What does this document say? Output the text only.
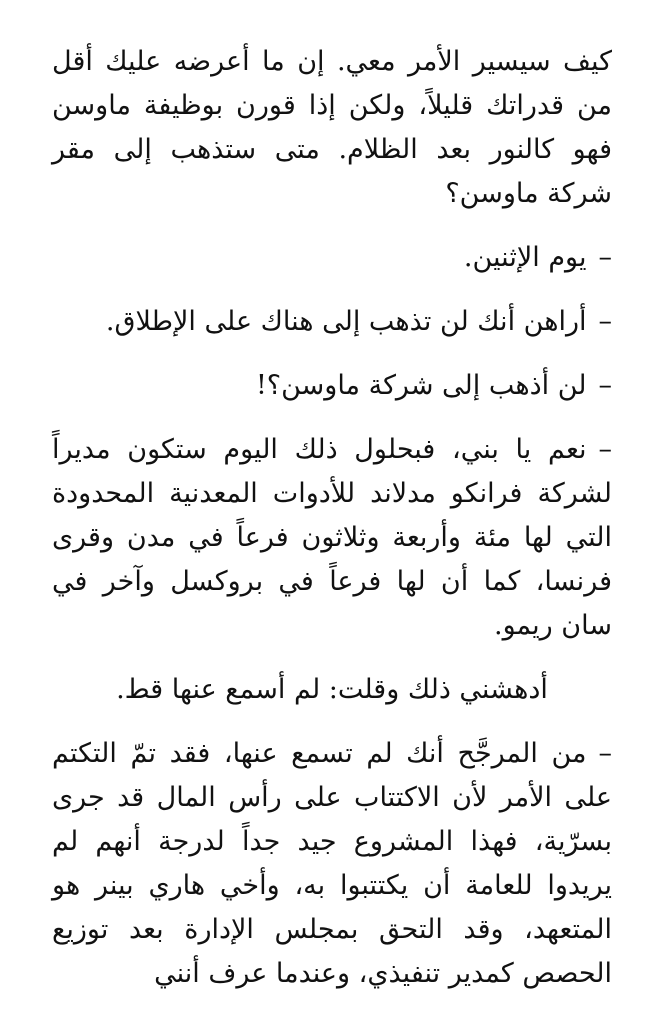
كيف سيسير الأمر معي. إن ما أعرضه عليك أقل من قدراتك قليلاً، ولكن إذا قورن بوظيفة ماوسن فهو كالنور بعد الظلام. متى ستذهب إلى مقر شركة ماوسن؟

–يوم الإثنين.

–أراهن أنك لن تذهب إلى هناك على الإطلاق.

–لن أذهب إلى شركة ماوسن؟!

–نعم يا بني، فبحلول ذلك اليوم ستكون مديراً لشركة فرانكو مدلاند للأدوات المعدنية المحدودة التي لها مئة وأربعة وثلاثون فرعاً في مدن وقرى فرنسا، كما أن لها فرعاً في بروكسل وآخر في سان ريمو.

أدهشني ذلك وقلت: لم أسمع عنها قط.

–من المرجَّح أنك لم تسمع عنها، فقد تمّ التكتم على الأمر لأن الاكتتاب على رأس المال قد جرى بسرّية، فهذا المشروع جيد جداً لدرجة أنهم لم يريدوا للعامة أن يكتتبوا به، وأخي هاري بينر هو المتعهد، وقد التحق بمجلس الإدارة بعد توزيع الحصص كمدير تنفيذي، وعندما عرف أنني
